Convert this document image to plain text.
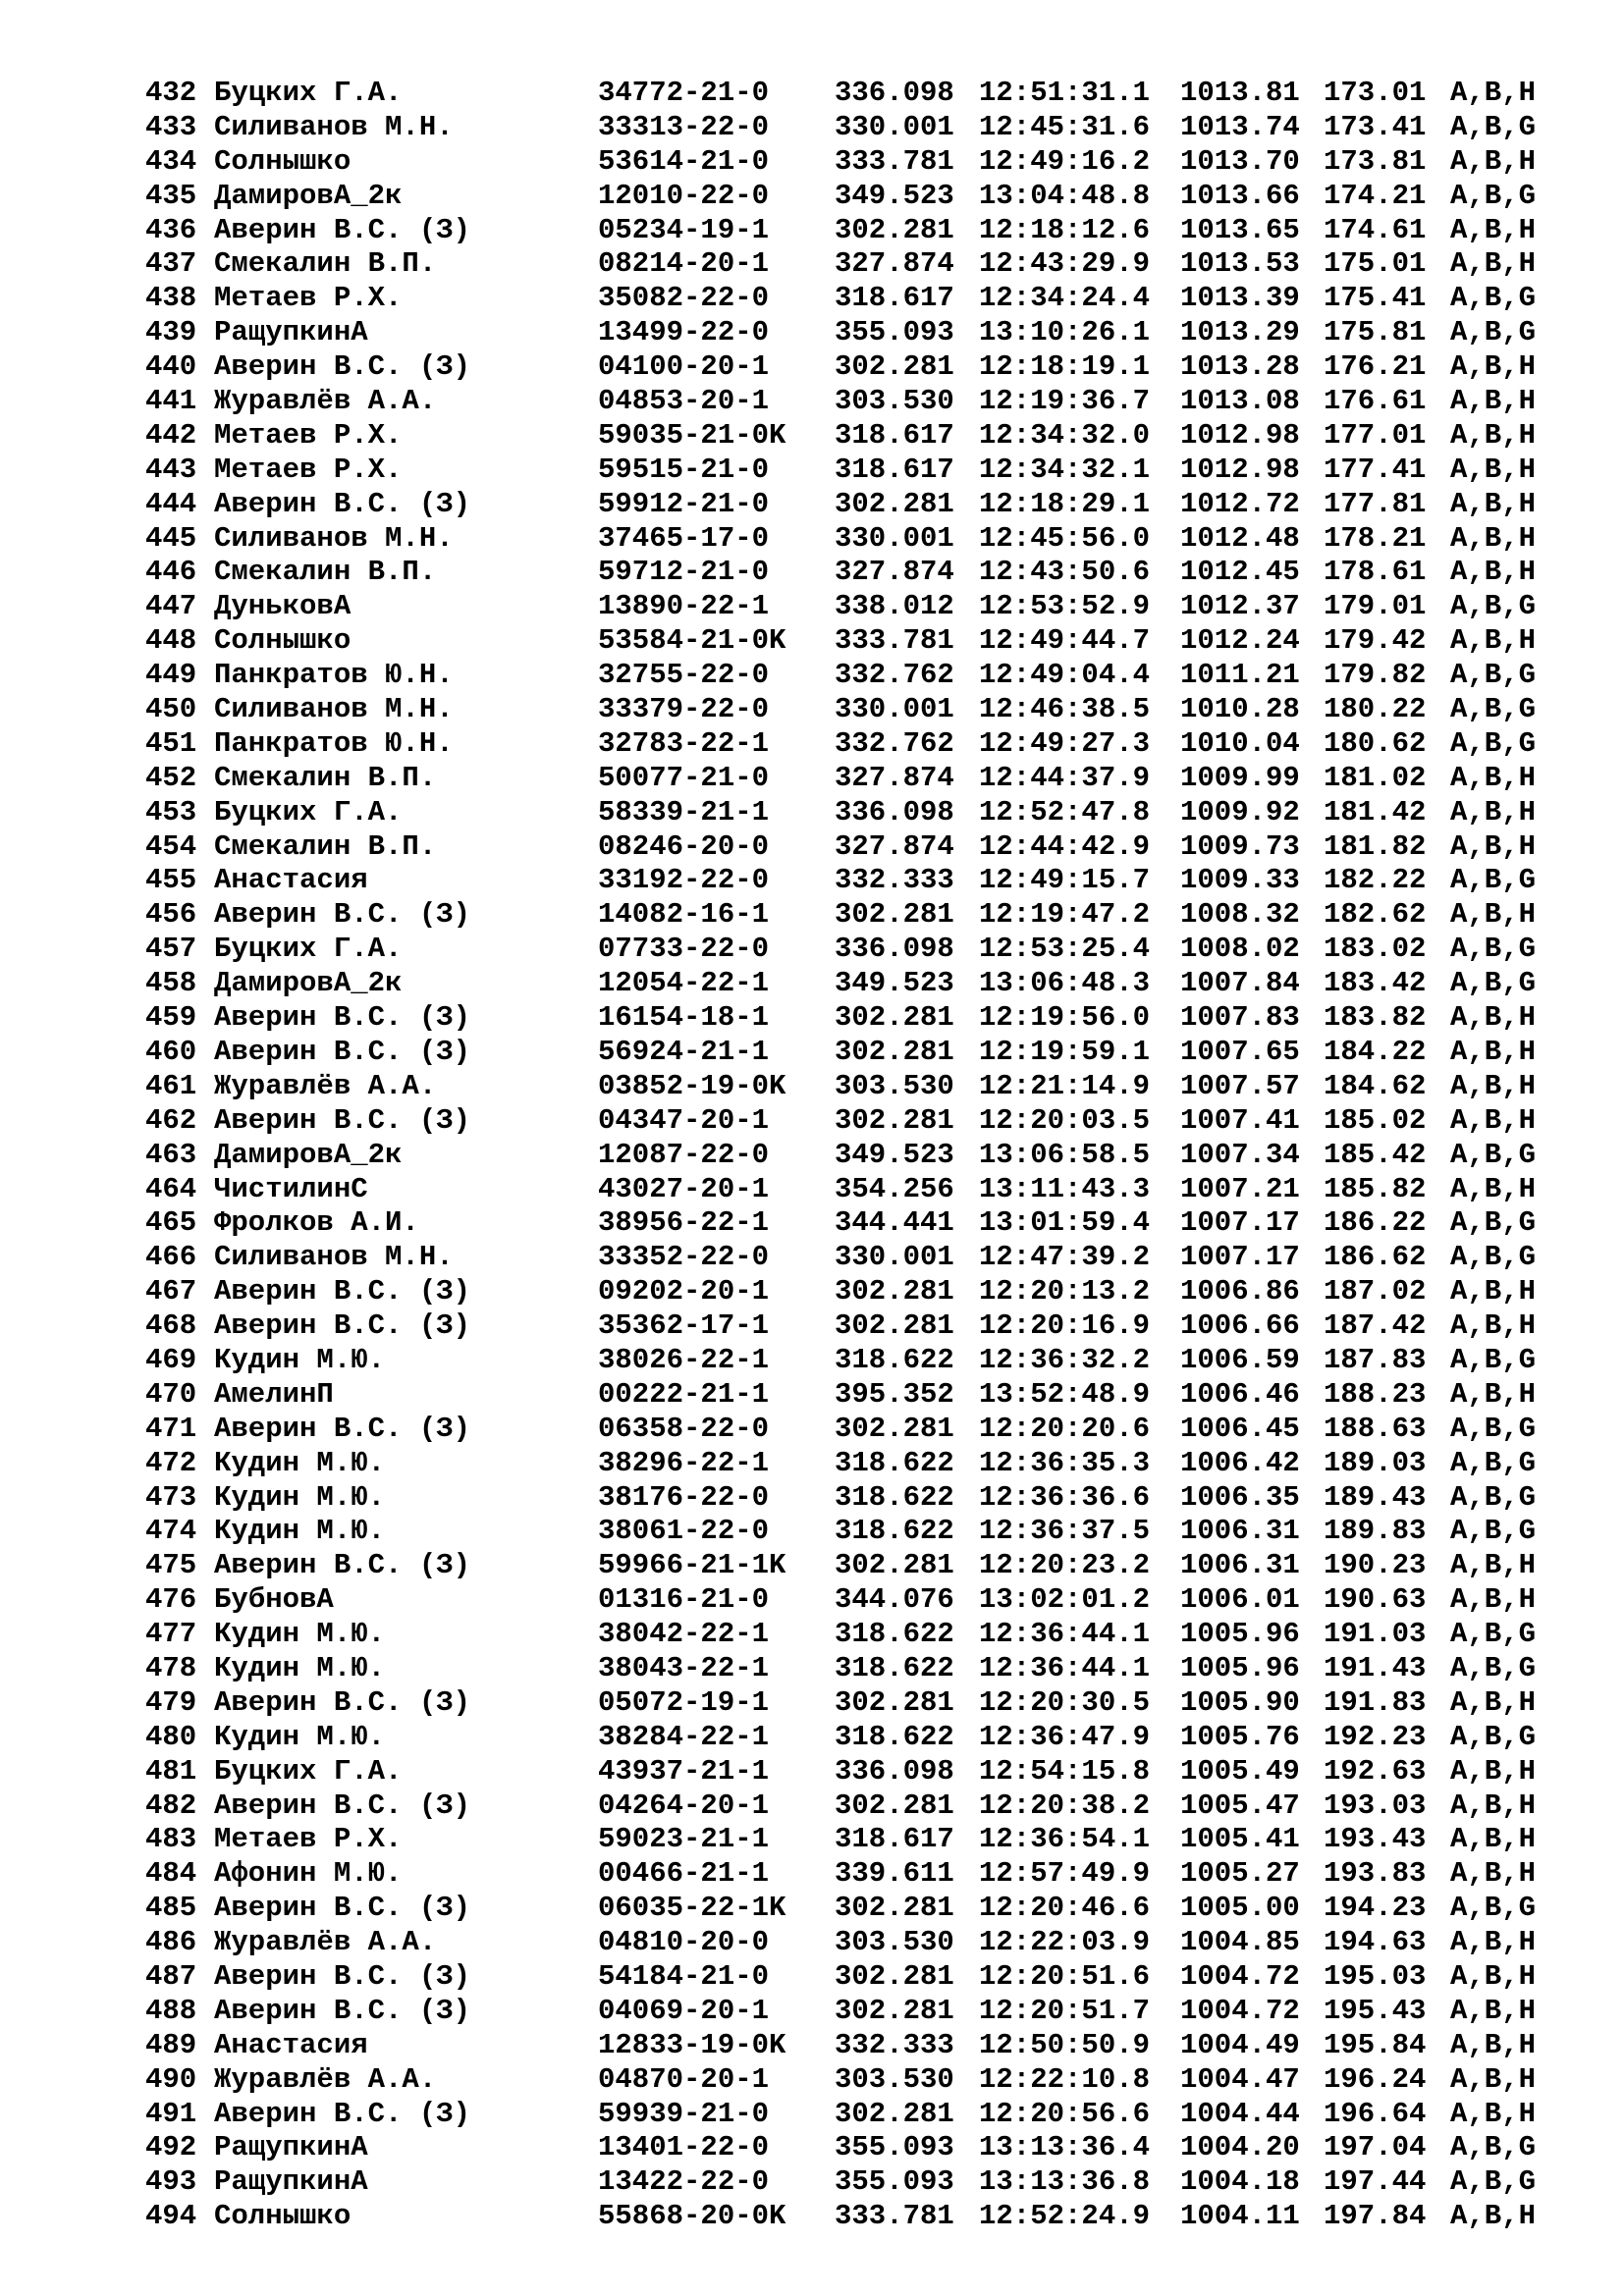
432 Буцких Г.А.	34772-21-0 336.098 12:51:31.1 1013.81 173.01 A,B,H
433 Силиванов М.Н.	33313-22-0 330.001 12:45:31.6 1013.74 173.41 A,B,G
434 Солнышко	53614-21-0 333.781 12:49:16.2 1013.70 173.81 A,B,H
435 ДамировА_2к	12010-22-0 349.523 13:04:48.8 1013.66 174.21 A,B,G
436 Аверин В.С. (З)	05234-19-1 302.281 12:18:12.6 1013.65 174.61 A,B,H
437 Смекалин В.П.	08214-20-1 327.874 12:43:29.9 1013.53 175.01 A,B,H
438 Метаев Р.Х.	35082-22-0 318.617 12:34:24.4 1013.39 175.41 A,B,G
439 РащупкинА	13499-22-0 355.093 13:10:26.1 1013.29 175.81 A,B,G
440 Аверин В.С. (З)	04100-20-1 302.281 12:18:19.1 1013.28 176.21 A,B,H
441 Журавлёв А.А.	04853-20-1 303.530 12:19:36.7 1013.08 176.61 A,B,H
442 Метаев Р.Х.	59035-21-0K 318.617 12:34:32.0 1012.98 177.01 A,B,H
443 Метаев Р.Х.	59515-21-0 318.617 12:34:32.1 1012.98 177.41 A,B,H
444 Аверин В.С. (З)	59912-21-0 302.281 12:18:29.1 1012.72 177.81 A,B,H
445 Силиванов М.Н.	37465-17-0 330.001 12:45:56.0 1012.48 178.21 A,B,H
446 Смекалин В.П.	59712-21-0 327.874 12:43:50.6 1012.45 178.61 A,B,H
447 ДуньковА	13890-22-1 338.012 12:53:52.9 1012.37 179.01 A,B,G
448 Солнышко	53584-21-0K 333.781 12:49:44.7 1012.24 179.42 A,B,H
449 Панкратов Ю.Н.	32755-22-0 332.762 12:49:04.4 1011.21 179.82 A,B,G
450 Силиванов М.Н.	33379-22-0 330.001 12:46:38.5 1010.28 180.22 A,B,G
451 Панкратов Ю.Н.	32783-22-1 332.762 12:49:27.3 1010.04 180.62 A,B,G
452 Смекалин В.П.	50077-21-0 327.874 12:44:37.9 1009.99 181.02 A,B,H
453 Буцких Г.А.	58339-21-1 336.098 12:52:47.8 1009.92 181.42 A,B,H
454 Смекалин В.П.	08246-20-0 327.874 12:44:42.9 1009.73 181.82 A,B,H
455 Анастасия	33192-22-0 332.333 12:49:15.7 1009.33 182.22 A,B,G
456 Аверин В.С. (З)	14082-16-1 302.281 12:19:47.2 1008.32 182.62 A,B,H
457 Буцких Г.А.	07733-22-0 336.098 12:53:25.4 1008.02 183.02 A,B,G
458 ДамировА_2к	12054-22-1 349.523 13:06:48.3 1007.84 183.42 A,B,G
459 Аверин В.С. (З)	16154-18-1 302.281 12:19:56.0 1007.83 183.82 A,B,H
460 Аверин В.С. (З)	56924-21-1 302.281 12:19:59.1 1007.65 184.22 A,B,H
461 Журавлёв А.А.	03852-19-0K 303.530 12:21:14.9 1007.57 184.62 A,B,H
462 Аверин В.С. (З)	04347-20-1 302.281 12:20:03.5 1007.41 185.02 A,B,H
463 ДамировА_2к	12087-22-0 349.523 13:06:58.5 1007.34 185.42 A,B,G
464 ЧистилинС	43027-20-1 354.256 13:11:43.3 1007.21 185.82 A,B,H
465 Фролков А.И.	38956-22-1 344.441 13:01:59.4 1007.17 186.22 A,B,G
466 Силиванов М.Н.	33352-22-0 330.001 12:47:39.2 1007.17 186.62 A,B,G
467 Аверин В.С. (З)	09202-20-1 302.281 12:20:13.2 1006.86 187.02 A,B,H
468 Аверин В.С. (З)	35362-17-1 302.281 12:20:16.9 1006.66 187.42 A,B,H
469 Кудин М.Ю.	38026-22-1 318.622 12:36:32.2 1006.59 187.83 A,B,G
470 АмелинП	00222-21-1 395.352 13:52:48.9 1006.46 188.23 A,B,H
471 Аверин В.С. (З)	06358-22-0 302.281 12:20:20.6 1006.45 188.63 A,B,G
472 Кудин М.Ю.	38296-22-1 318.622 12:36:35.3 1006.42 189.03 A,B,G
473 Кудин М.Ю.	38176-22-0 318.622 12:36:36.6 1006.35 189.43 A,B,G
474 Кудин М.Ю.	38061-22-0 318.622 12:36:37.5 1006.31 189.83 A,B,G
475 Аверин В.С. (З)	59966-21-1K 302.281 12:20:23.2 1006.31 190.23 A,B,H
476 БубновА	01316-21-0 344.076 13:02:01.2 1006.01 190.63 A,B,H
477 Кудин М.Ю.	38042-22-1 318.622 12:36:44.1 1005.96 191.03 A,B,G
478 Кудин М.Ю.	38043-22-1 318.622 12:36:44.1 1005.96 191.43 A,B,G
479 Аверин В.С. (З)	05072-19-1 302.281 12:20:30.5 1005.90 191.83 A,B,H
480 Кудин М.Ю.	38284-22-1 318.622 12:36:47.9 1005.76 192.23 A,B,G
481 Буцких Г.А.	43937-21-1 336.098 12:54:15.8 1005.49 192.63 A,B,H
482 Аверин В.С. (З)	04264-20-1 302.281 12:20:38.2 1005.47 193.03 A,B,H
483 Метаев Р.Х.	59023-21-1 318.617 12:36:54.1 1005.41 193.43 A,B,H
484 Афонин М.Ю.	00466-21-1 339.611 12:57:49.9 1005.27 193.83 A,B,H
485 Аверин В.С. (З)	06035-22-1K 302.281 12:20:46.6 1005.00 194.23 A,B,G
486 Журавлёв А.А.	04810-20-0 303.530 12:22:03.9 1004.85 194.63 A,B,H
487 Аверин В.С. (З)	54184-21-0 302.281 12:20:51.6 1004.72 195.03 A,B,H
488 Аверин В.С. (З)	04069-20-1 302.281 12:20:51.7 1004.72 195.43 A,B,H
489 Анастасия	12833-19-0K 332.333 12:50:50.9 1004.49 195.84 A,B,H
490 Журавлёв А.А.	04870-20-1 303.530 12:22:10.8 1004.47 196.24 A,B,H
491 Аверин В.С. (З)	59939-21-0 302.281 12:20:56.6 1004.44 196.64 A,B,H
492 РащупкинА	13401-22-0 355.093 13:13:36.4 1004.20 197.04 A,B,G
493 РащупкинА	13422-22-0 355.093 13:13:36.8 1004.18 197.44 A,B,G
494 Солнышко	55868-20-0K 333.781 12:52:24.9 1004.11 197.84 A,B,H
